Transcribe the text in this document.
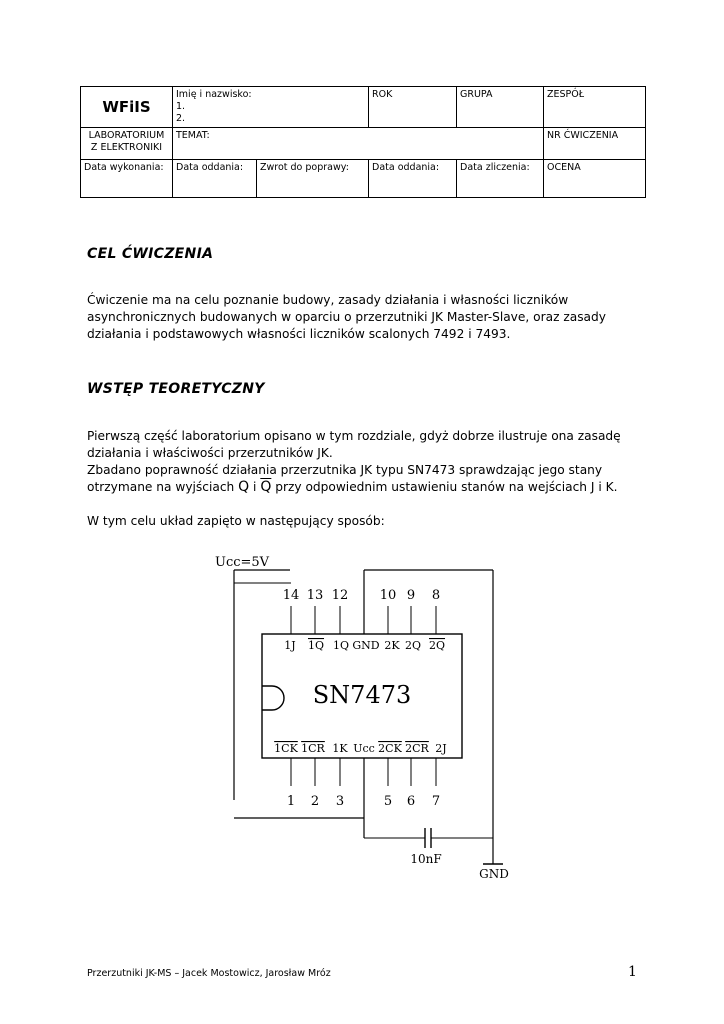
WFiIS	Imię i nazwisko:
1.
2.		ROK	GRUPA	ZESPÓŁ

LABORATORIUM
Z ELEKTRONIKI	TEMAT:				NR ĆWICZENIA
Data wykonania:	Data oddania:	Zwrot do poprawy:	Data oddania:	Data zliczenia:	OCENA
CEL ĆWICZENIA

Ćwiczenie ma na celu poznanie budowy, zasady działania i własności liczników asynchronicznych budowanych w oparciu o przerzutniki JK Master-Slave, oraz zasady działania i podstawowych własności liczników scalonych 7492 i 7493.

WSTĘP TEORETYCZNY
Pierwszą część laboratorium opisano w tym rozdziale, gdyż dobrze ilustruje ona zasadę działania i właściwości przerzutników JK.
Zbadano poprawność działania przerzutnika JK typu SN7473 sprawdzając jego stany
otrzymane na wyjściach Q i $\overline{Q}$ przy odpowiednim ustawieniu stanów na wejściach J i K.
W tym celu układ zapięto w następujący sposób:
Ucc=5V
SN7473
14 13 12 10 9 8
1J 1Q 1Q GND 2K 2Q 2Q
1CK 1CR 1K Ucc 2CK 2CR 2J
1 2 3	5 6 7
10nF
GND
Przerzutniki JK-MS – Jacek Mostowicz, Jarosław Mróz	1
